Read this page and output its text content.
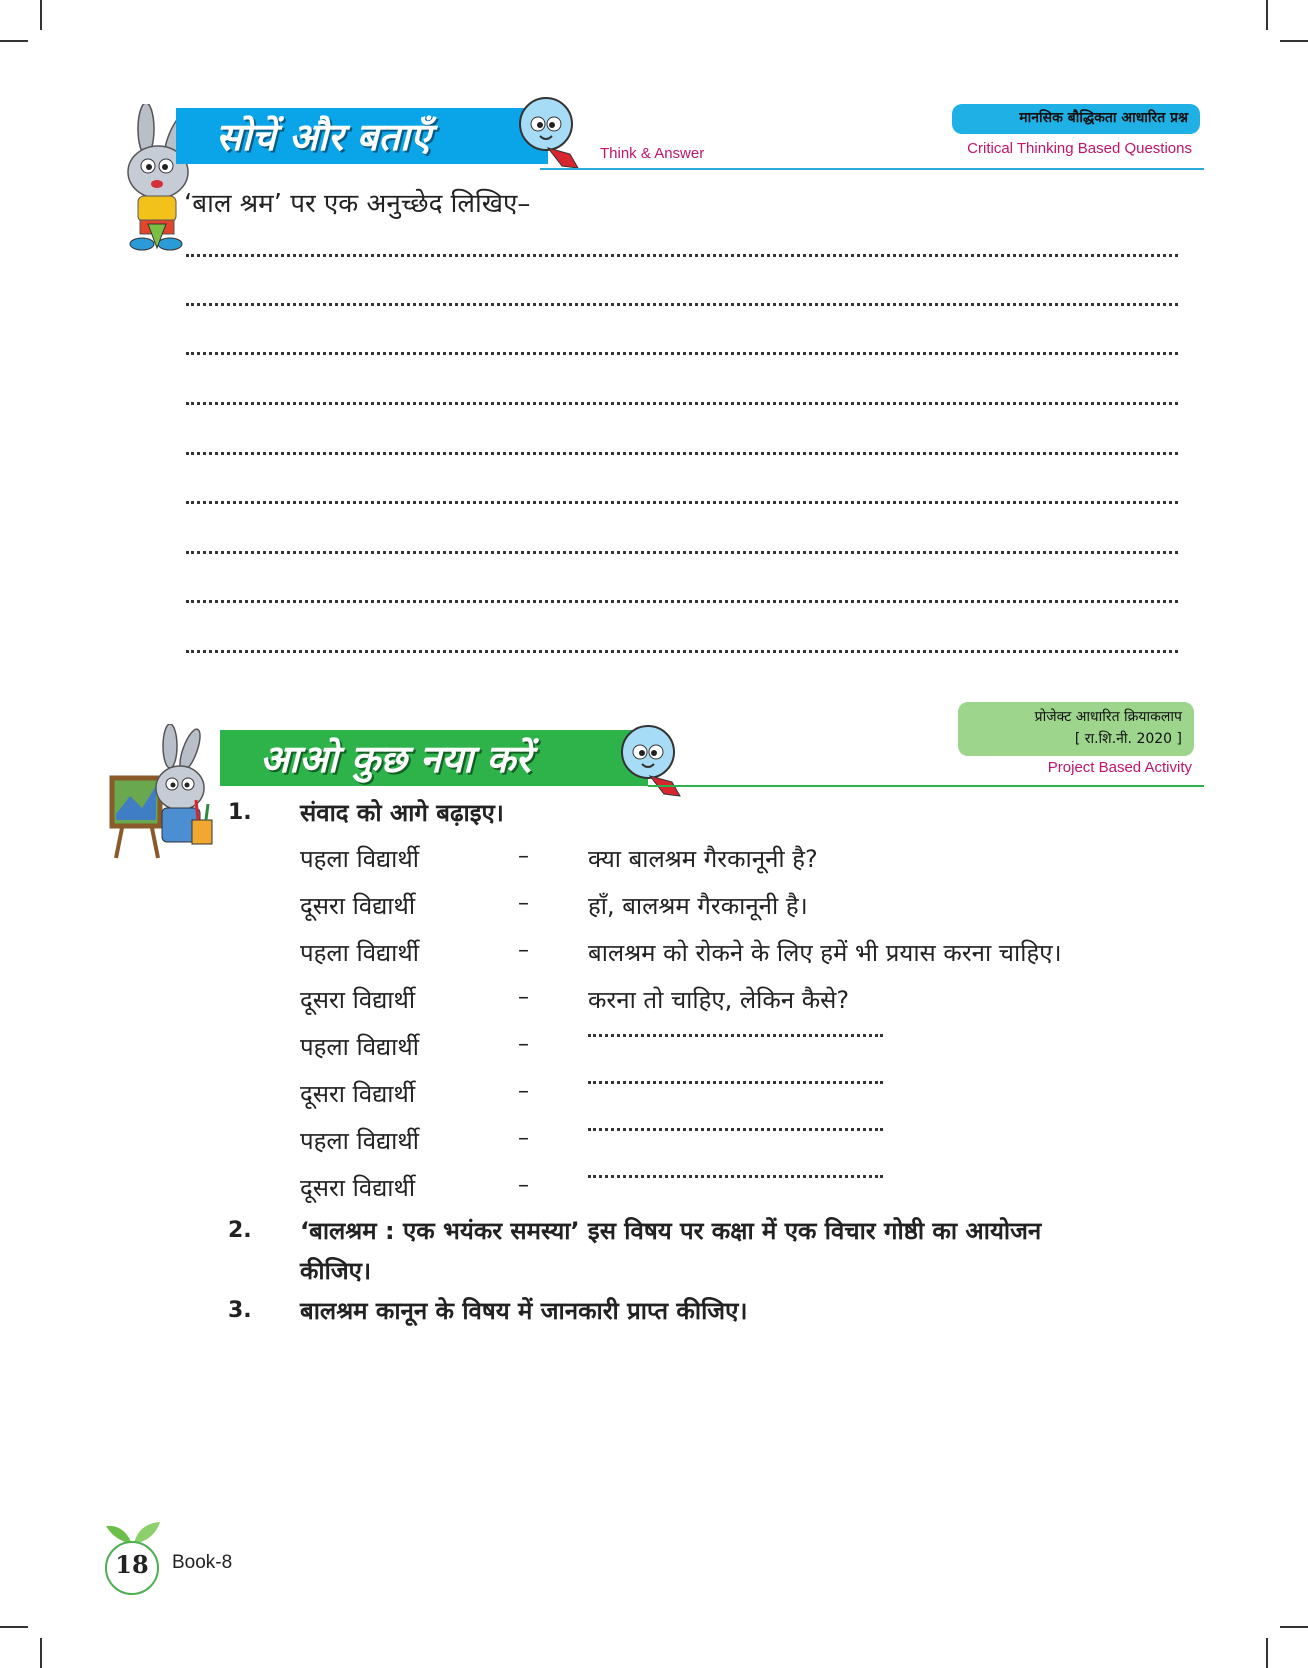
सोचें और बताएँ	Think & Answer
मानसिक बौद्धिकता आधारित प्रश्न
Critical Thinking Based Questions
‘बाल श्रम’ पर एक अनुच्छेद लिखिए–
प्रोजेक्ट आधारित क्रियाकलाप
[ रा.शि.नी. 2020 ]
Project Based Activity
आओ कुछ नया करें
1. संवाद को आगे बढ़ाइए।
पहला विद्यार्थी	– क्या बालश्रम गैरकानूनी है?
दूसरा विद्यार्थी	– हाँ, बालश्रम गैरकानूनी है।
पहला विद्यार्थी	– बालश्रम को रोकने के लिए हमें भी प्रयास करना चाहिए।
दूसरा विद्यार्थी	– करना तो चाहिए, लेकिन कैसे?
पहला विद्यार्थी	–
दूसरा विद्यार्थी	–
पहला विद्यार्थी	–
दूसरा विद्यार्थी	–
2. ‘बालश्रम : एक भयंकर समस्या’ इस विषय पर कक्षा में एक विचार गोष्ठी का आयोजन
कीजिए।
3. बालश्रम कानून के विषय में जानकारी प्राप्त कीजिए।
18	Book-8
